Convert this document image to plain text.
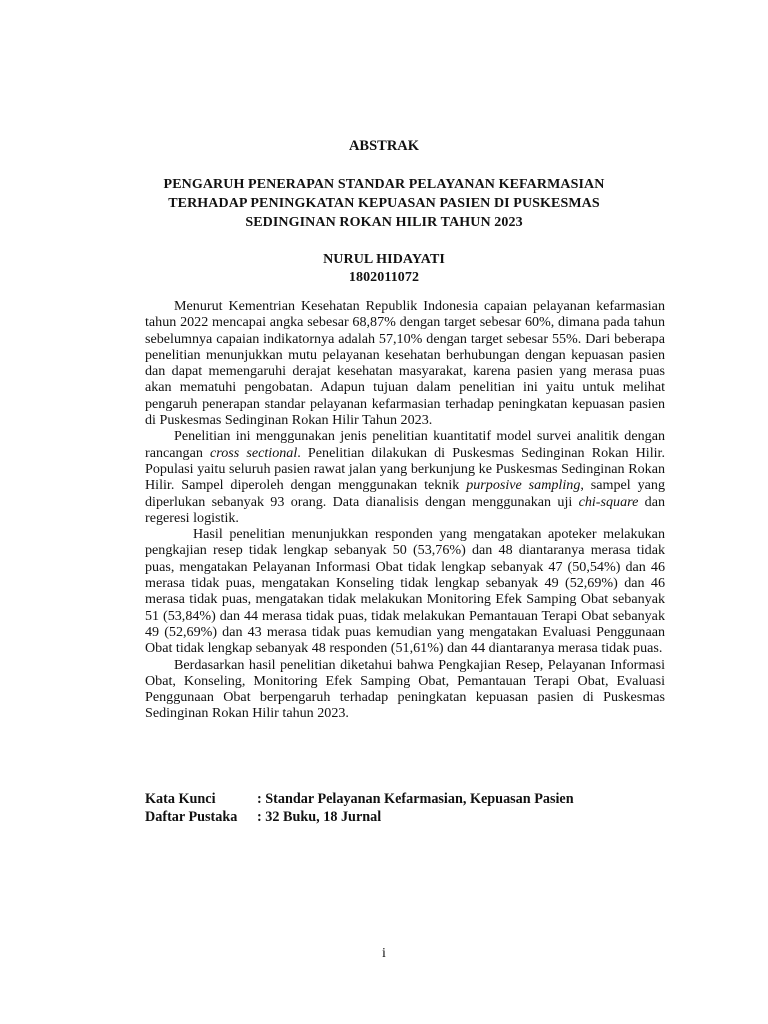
ABSTRAK
PENGARUH PENERAPAN STANDAR PELAYANAN KEFARMASIAN
TERHADAP PENINGKATAN KEPUASAN PASIEN DI PUSKESMAS
SEDINGINAN ROKAN HILIR TAHUN 2023
NURUL HIDAYATI
1802011072

Menurut Kementrian Kesehatan Republik Indonesia capaian pelayanan kefarmasian tahun 2022 mencapai angka sebesar 68,87% dengan target sebesar 60%, dimana pada tahun sebelumnya capaian indikatornya adalah 57,10% dengan target sebesar 55%. Dari beberapa penelitian menunjukkan mutu pelayanan kesehatan berhubungan dengan kepuasan pasien dan dapat memengaruhi derajat kesehatan masyarakat, karena pasien yang merasa puas akan mematuhi pengobatan. Adapun tujuan dalam penelitian ini yaitu untuk melihat pengaruh penerapan standar pelayanan kefarmasian terhadap peningkatan kepuasan pasien di Puskesmas Sedinginan Rokan Hilir Tahun 2023.

Penelitian ini menggunakan jenis penelitian kuantitatif model survei analitik dengan rancangan cross sectional. Penelitian dilakukan di Puskesmas Sedinginan Rokan Hilir. Populasi yaitu seluruh pasien rawat jalan yang berkunjung ke Puskesmas Sedinginan Rokan Hilir. Sampel diperoleh dengan menggunakan teknik purposive sampling, sampel yang diperlukan sebanyak 93 orang. Data dianalisis dengan menggunakan uji chi-square dan regeresi logistik.

Hasil penelitian menunjukkan responden yang mengatakan apoteker melakukan pengkajian resep tidak lengkap sebanyak 50 (53,76%) dan 48 diantaranya merasa tidak puas, mengatakan Pelayanan Informasi Obat tidak lengkap sebanyak 47 (50,54%) dan 46 merasa tidak puas, mengatakan Konseling tidak lengkap sebanyak 49 (52,69%) dan 46 merasa tidak puas, mengatakan tidak melakukan Monitoring Efek Samping Obat sebanyak 51 (53,84%) dan 44 merasa tidak puas, tidak melakukan Pemantauan Terapi Obat sebanyak 49 (52,69%) dan 43 merasa tidak puas kemudian yang mengatakan Evaluasi Penggunaan Obat tidak lengkap sebanyak 48 responden (51,61%) dan 44 diantaranya merasa tidak puas.

Berdasarkan hasil penelitian diketahui bahwa Pengkajian Resep, Pelayanan Informasi Obat, Konseling, Monitoring Efek Samping Obat, Pemantauan Terapi Obat, Evaluasi Penggunaan Obat berpengaruh terhadap peningkatan kepuasan pasien di Puskesmas Sedinginan Rokan Hilir tahun 2023.

Kata Kunci	: Standar Pelayanan Kefarmasian, Kepuasan Pasien
Daftar Pustaka	: 32 Buku, 18 Jurnal
i
